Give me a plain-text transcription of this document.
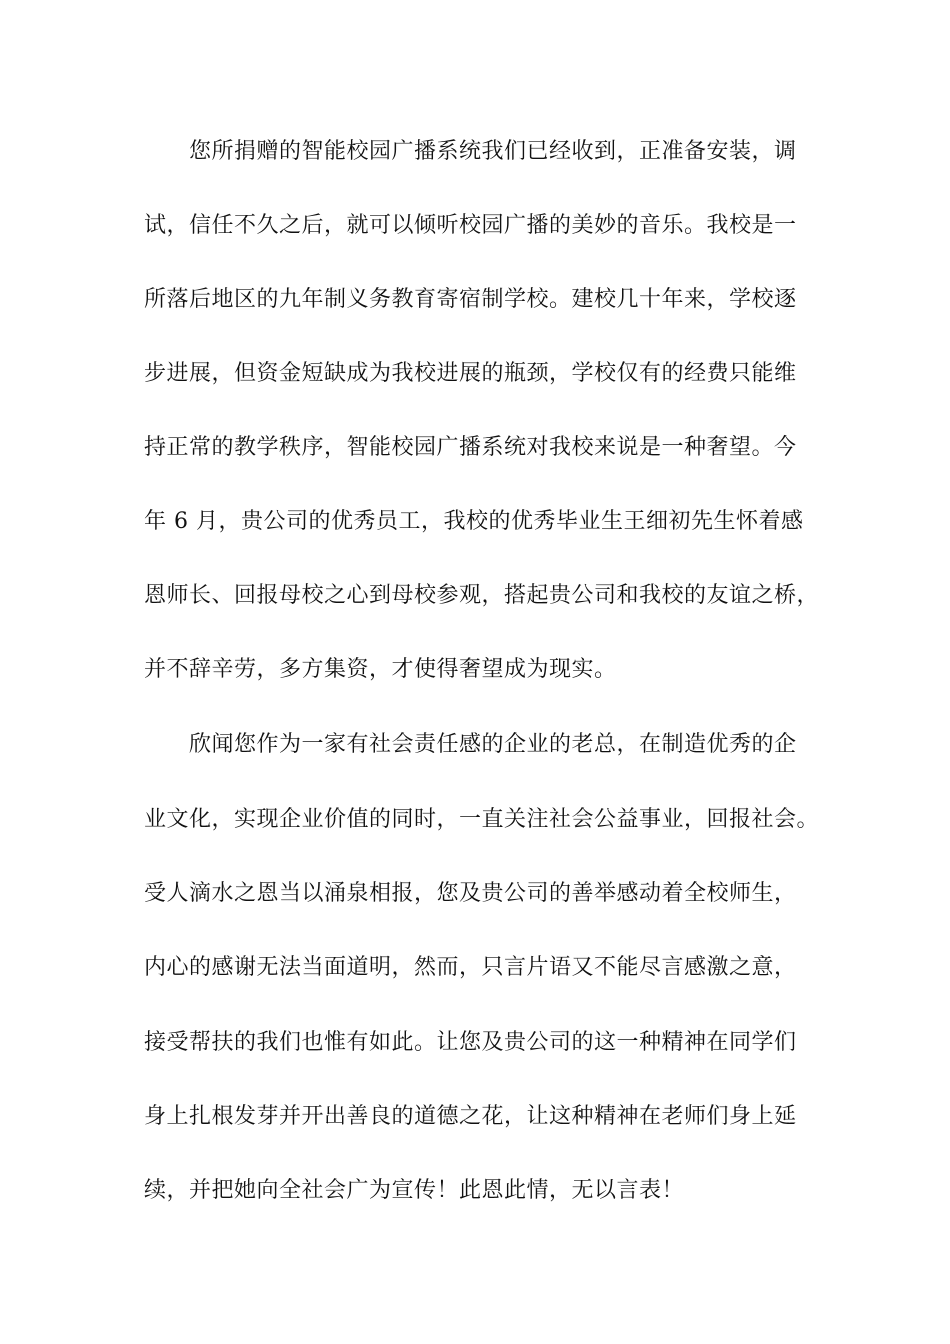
您所捐赠的智能校园广播系统我们已经收到，正准备安装，调
试，信任不久之后，就可以倾听校园广播的美妙的音乐。我校是一
所落后地区的九年制义务教育寄宿制学校。建校几十年来，学校逐
步进展，但资金短缺成为我校进展的瓶颈，学校仅有的经费只能维
持正常的教学秩序，智能校园广播系统对我校来说是一种奢望。今
年 6 月，贵公司的优秀员工，我校的优秀毕业生王细初先生怀着感
恩师长、回报母校之心到母校参观，搭起贵公司和我校的友谊之桥，
并不辞辛劳，多方集资，才使得奢望成为现实。
欣闻您作为一家有社会责任感的企业的老总，在制造优秀的企
业文化，实现企业价值的同时，一直关注社会公益事业，回报社会。
受人滴水之恩当以涌泉相报，您及贵公司的善举感动着全校师生，
内心的感谢无法当面道明，然而，只言片语又不能尽言感激之意，
接受帮扶的我们也惟有如此。让您及贵公司的这一种精神在同学们
身上扎根发芽并开出善良的道德之花，让这种精神在老师们身上延
续，并把她向全社会广为宣传！此恩此情，无以言表！
